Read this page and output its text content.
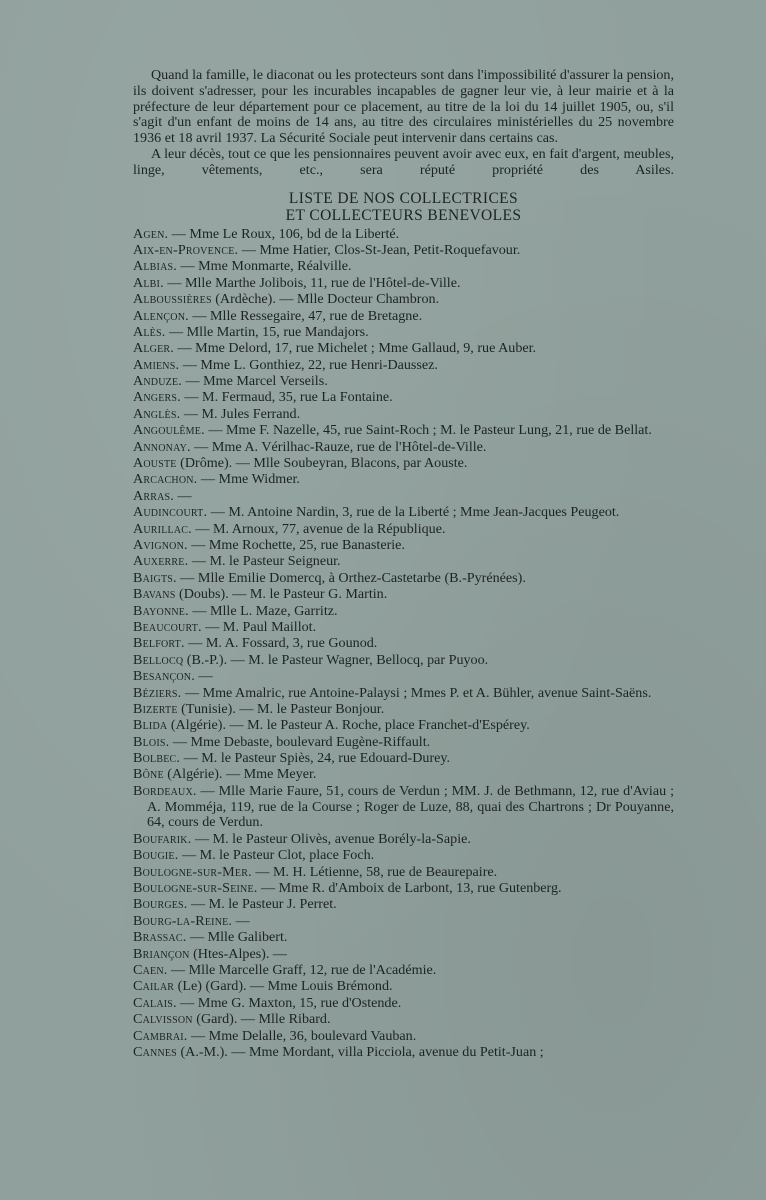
Quand la famille, le diaconat ou les protecteurs sont dans l'impossibilité d'assurer la pension, ils doivent s'adresser, pour les incurables incapables de gagner leur vie, à leur mairie et à la préfecture de leur département pour ce placement, au titre de la loi du 14 juillet 1905, ou, s'il s'agit d'un enfant de moins de 14 ans, au titre des circulaires ministérielles du 25 novembre 1936 et 18 avril 1937. La Sécurité Sociale peut intervenir dans certains cas.

A leur décès, tout ce que les pensionnaires peuvent avoir avec eux, en fait d'argent, meubles, linge, vêtements, etc., sera réputé propriété des Asiles.

LISTE DE NOS COLLECTRICES
ET COLLECTEURS BENEVOLES
Agen. — Mme Le Roux, 106, bd de la Liberté.
Aix-en-Provence. — Mme Hatier, Clos-St-Jean, Petit-Roquefavour.
Albias. — Mme Monmarte, Réalville.
Albi. — Mlle Marthe Jolibois, 11, rue de l'Hôtel-de-Ville.
Alboussières (Ardèche). — Mlle Docteur Chambron.
Alençon. — Mlle Ressegaire, 47, rue de Bretagne.
Alès. — Mlle Martin, 15, rue Mandajors.
Alger. — Mme Delord, 17, rue Michelet ; Mme Gallaud, 9, rue Auber.
Amiens. — Mme L. Gonthiez, 22, rue Henri-Daussez.
Anduze. — Mme Marcel Verseils.
Angers. — M. Fermaud, 35, rue La Fontaine.
Anglès. — M. Jules Ferrand.
Angoulême. — Mme F. Nazelle, 45, rue Saint-Roch ; M. le Pasteur Lung, 21, rue de Bellat.
Annonay. — Mme A. Vérilhac-Rauze, rue de l'Hôtel-de-Ville.
Aouste (Drôme). — Mlle Soubeyran, Blacons, par Aouste.
Arcachon. — Mme Widmer.
Arras. —
Audincourt. — M. Antoine Nardin, 3, rue de la Liberté ; Mme Jean-Jacques Peugeot.
Aurillac. — M. Arnoux, 77, avenue de la République.
Avignon. — Mme Rochette, 25, rue Banasterie.
Auxerre. — M. le Pasteur Seigneur.
Baigts. — Mlle Emilie Domercq, à Orthez-Castetarbe (B.-Pyrénées).
Bavans (Doubs). — M. le Pasteur G. Martin.
Bayonne. — Mlle L. Maze, Garritz.
Beaucourt. — M. Paul Maillot.
Belfort. — M. A. Fossard, 3, rue Gounod.
Bellocq (B.-P.). — M. le Pasteur Wagner, Bellocq, par Puyoo.
Besançon. —
Béziers. — Mme Amalric, rue Antoine-Palaysi ; Mmes P. et A. Bühler, avenue Saint-Saëns.
Bizerte (Tunisie). — M. le Pasteur Bonjour.
Blida (Algérie). — M. le Pasteur A. Roche, place Franchet-d'Espérey.
Blois. — Mme Debaste, boulevard Eugène-Riffault.
Bolbec. — M. le Pasteur Spiès, 24, rue Edouard-Durey.
Bône (Algérie). — Mme Meyer.
Bordeaux. — Mlle Marie Faure, 51, cours de Verdun ; MM. J. de Bethmann, 12, rue d'Aviau ; A. Momméja, 119, rue de la Course ; Roger de Luze, 88, quai des Chartrons ; Dr Pouyanne, 64, cours de Verdun.
Boufarik. — M. le Pasteur Olivès, avenue Borély-la-Sapie.
Bougie. — M. le Pasteur Clot, place Foch.
Boulogne-sur-Mer. — M. H. Létienne, 58, rue de Beaurepaire.
Boulogne-sur-Seine. — Mme R. d'Amboix de Larbont, 13, rue Gutenberg.
Bourges. — M. le Pasteur J. Perret.
Bourg-la-Reine. —
Brassac. — Mlle Galibert.
Briançon (Htes-Alpes). —
Caen. — Mlle Marcelle Graff, 12, rue de l'Académie.
Cailar (Le) (Gard). — Mme Louis Brémond.
Calais. — Mme G. Maxton, 15, rue d'Ostende.
Calvisson (Gard). — Mlle Ribard.
Cambrai. — Mme Delalle, 36, boulevard Vauban.
Cannes (A.-M.). — Mme Mordant, villa Picciola, avenue du Petit-Juan ;
